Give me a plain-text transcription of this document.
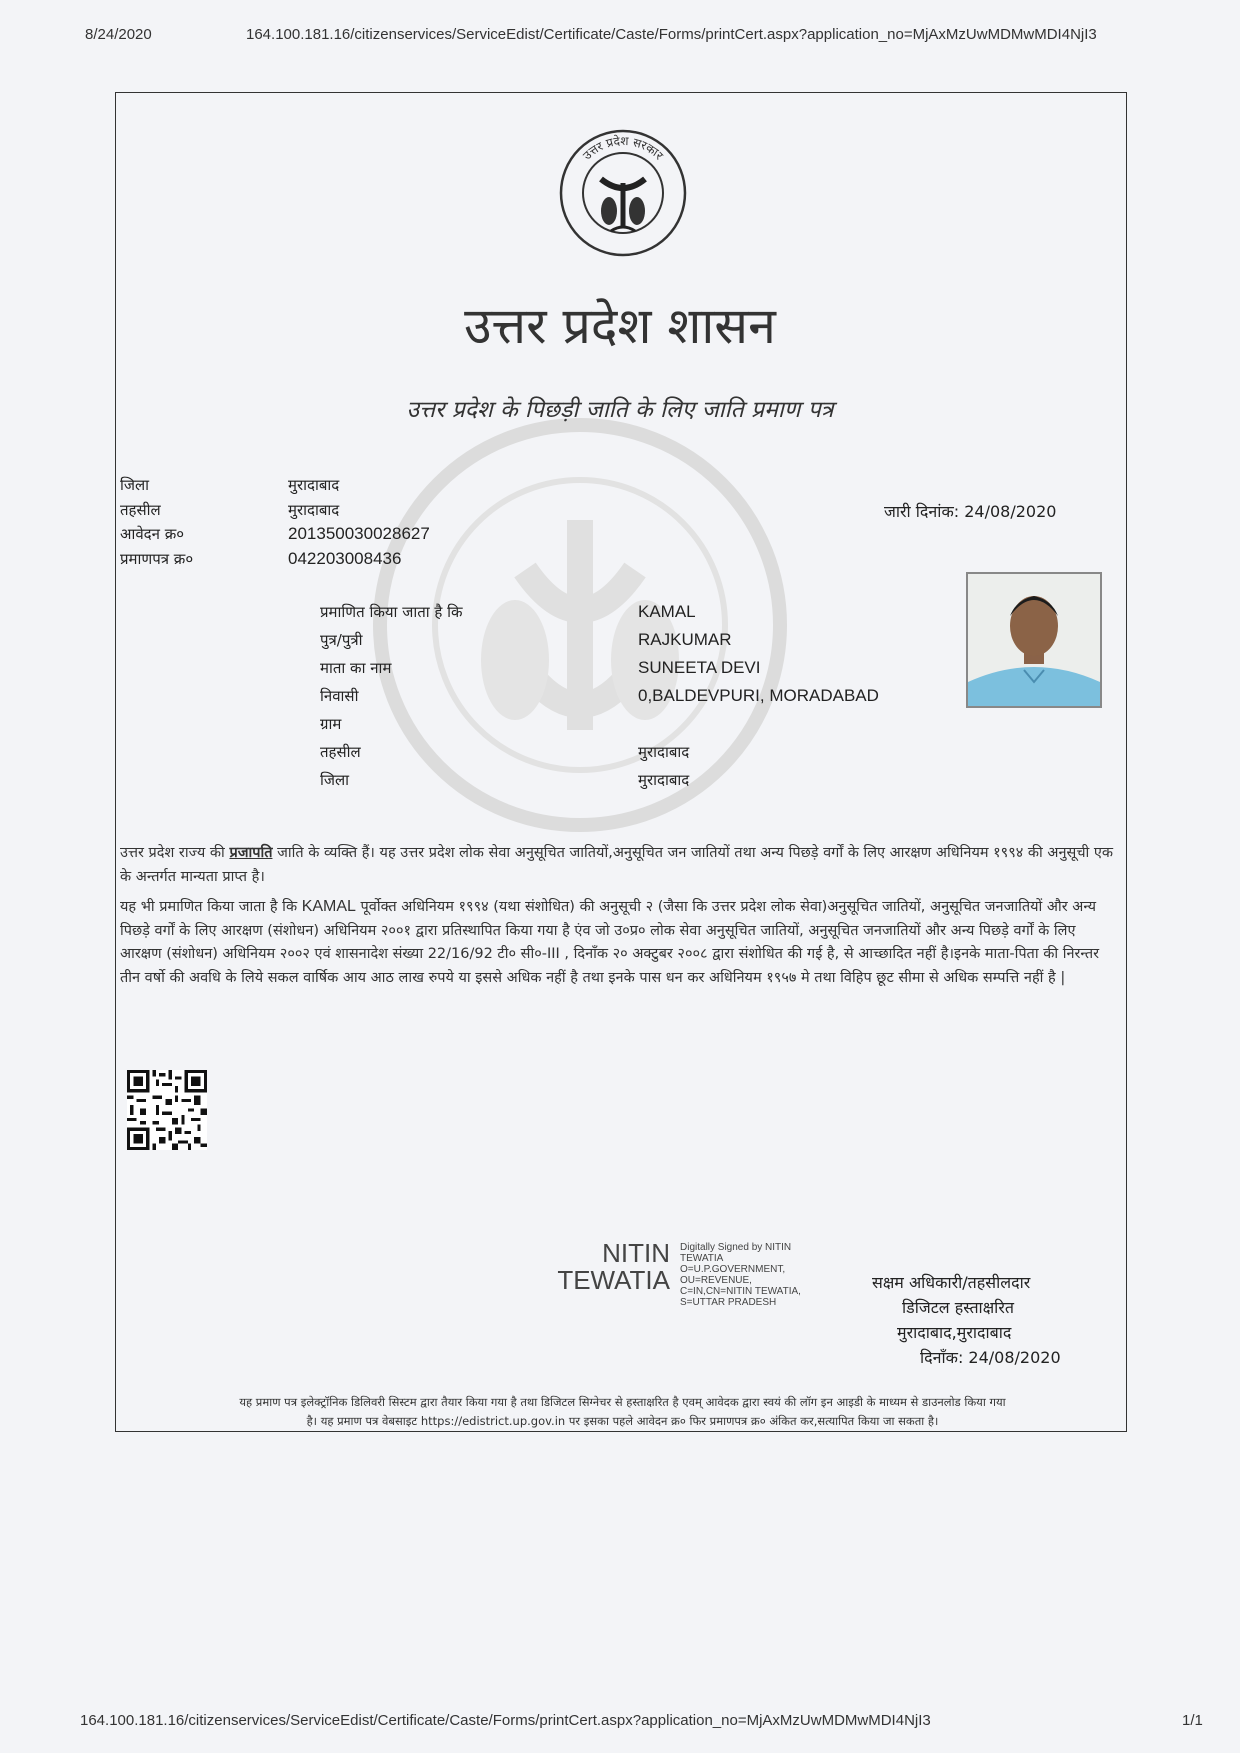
8/24/2020	164.100.181.16/citizenservices/ServiceEdist/Certificate/Caste/Forms/printCert.aspx?application_no=MjAxMzUwMDMwMDI4NjI3
उत्तर प्रदेश सरकार
उत्तर प्रदेश शासन
उत्तर प्रदेश के पिछड़ी जाति के लिए जाति प्रमाण पत्र
जिला	मुरादाबाद
तहसील	मुरादाबाद
आवेदन क्र०	201350030028627
प्रमाणपत्र क्र०	042203008436
जारी दिनांक: 24/08/2020
प्रमाणित किया जाता है कि	KAMAL
पुत्र/पुत्री	RAJKUMAR
माता का नाम	SUNEETA DEVI
निवासी	0,BALDEVPURI, MORADABAD
ग्राम
तहसील	मुरादाबाद
जिला	मुरादाबाद
उत्तर प्रदेश राज्य की प्रजापति जाति के व्यक्ति हैं। यह उत्तर प्रदेश लोक सेवा अनुसूचित जातियों,अनुसूचित जन जातियों तथा अन्य पिछड़े वर्गों के लिए आरक्षण अधिनियम १९९४ की अनुसूची एक के अन्तर्गत मान्यता प्राप्त है।
यह भी प्रमाणित किया जाता है कि KAMAL पूर्वोक्त अधिनियम १९९४ (यथा संशोधित) की अनुसूची २ (जैसा कि उत्तर प्रदेश लोक सेवा)अनुसूचित जातियों, अनुसूचित जनजातियों और अन्य पिछड़े वर्गों के लिए आरक्षण (संशोधन) अधिनियम २००१ द्वारा प्रतिस्थापित किया गया है एंव जो उ०प्र० लोक सेवा अनुसूचित जातियों, अनुसूचित जनजातियों और अन्य पिछड़े वर्गों के लिए आरक्षण (संशोधन) अधिनियम २००२ एवं शासनादेश संख्या 22/16/92 टी० सी०-III , दिनाँक २० अक्टुबर २००८ द्वारा संशोधित की गई है, से आच्छादित नहीं है।इनके माता-पिता की निरन्तर तीन वर्षो की अवधि के लिये सकल वार्षिक आय आठ लाख रुपये या इससे अधिक नहीं है तथा इनके पास धन कर अधिनियम १९५७ मे तथा विहिप छूट सीमा से अधिक सम्पत्ति नहीं है |
NITIN
TEWATIA
Digitally Signed by NITIN
TEWATIA
O=U.P.GOVERNMENT,
OU=REVENUE,
C=IN,CN=NITIN TEWATIA,
S=UTTAR PRADESH
सक्षम अधिकारी/तहसीलदार
डिजिटल हस्ताक्षरित
मुरादाबाद,मुरादाबाद
दिनाँक: 24/08/2020
यह प्रमाण पत्र इलेक्ट्रॉनिक डिलिवरी सिस्टम द्वारा तैयार किया गया है तथा डिजिटल सिग्नेचर से हस्ताक्षरित है एवम् आवेदक द्वारा स्वयं की लॉग इन आइडी के माध्यम से डाउनलोड किया गया
है। यह प्रमाण पत्र वेबसाइट https://edistrict.up.gov.in पर इसका पहले आवेदन क्र० फिर प्रमाणपत्र क्र० अंकित कर,सत्यापित किया जा सकता है।
164.100.181.16/citizenservices/ServiceEdist/Certificate/Caste/Forms/printCert.aspx?application_no=MjAxMzUwMDMwMDI4NjI3	1/1
